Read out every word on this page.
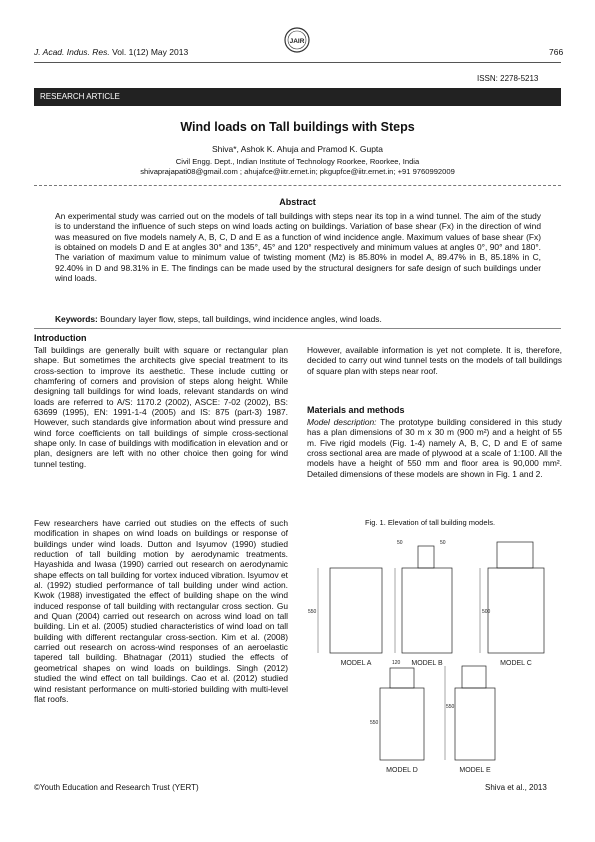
J. Acad. Indus. Res. Vol. 1(12) May 2013
JAIR
766
ISSN: 2278-5213
RESEARCH ARTICLE
Wind loads on Tall buildings with Steps
Shiva*, Ashok K. Ahuja and Pramod K. Gupta
Civil Engg. Dept., Indian Institute of Technology Roorkee, Roorkee, India
shivaprajapati08@gmail.com ; ahujafce@iitr.ernet.in; pkgupfce@iitr.ernet.in; +91 9760992009
Abstract
An experimental study was carried out on the models of tall buildings with steps near its top in a wind tunnel. The aim of the study is to understand the influence of such steps on wind loads acting on buildings. Variation of base shear (Fx) in the direction of wind was measured on five models namely A, B, C, D and E as a function of wind incidence angle. Maximum values of base shear (Fx) is obtained on models D and E at angles 30° and 135°, 45° and 120° respectively and minimum values at angles 0°, 90° and 180°. The variation of maximum value to minimum value of twisting moment (Mz) is 85.80% in model A, 89.47% in B, 85.18% in C, 92.40% in D and 98.31% in E. The findings can be made used by the structural designers for safe design of such buildings under wind loads.
Keywords: Boundary layer flow, steps, tall buildings, wind incidence angles, wind loads.
Introduction
Tall buildings are generally built with square or rectangular plan shape. But sometimes the architects give special treatment to its cross-section to improve its aesthetic. These include cutting or chamfering of corners and provision of steps along height. While designing tall buildings for wind loads, relevant standards on wind loads are referred to A/S: 1170.2 (2002), ASCE: 7-02 (2002), BS: 63699 (1995), EN: 1991-1-4 (2005) and IS: 875 (part-3) 1987. However, such standards give information about wind pressure and wind force coefficients on tall buildings of simple cross-sectional shape only. In case of buildings with modification in elevation and or plan, designers are left with no other choice then going for wind tunnel testing.
Few researchers have carried out studies on the effects of such modification in shapes on wind loads on buildings or response of buildings under wind loads. Dutton and Isyumov (1990) studied reduction of tall building motion by aerodynamic treatments. Hayashida and Iwasa (1990) carried out research on aerodynamic shape effects on tall building for vortex induced vibration. Isyumov et al. (1992) studied performance of tall building under wind action. Kwok (1988) investigated the effect of building shape on the wind induced response of tall building with rectangular cross section. Gu and Quan (2004) carried out research on across wind load on tall building. Lin et al. (2005) studied characteristics of wind load on tall building with different rectangular cross-section. Kim et al. (2008) carried out research on across-wind responses of an aeroelastic tapered tall building. Bhatnagar (2011) studied the effects of geometrical shapes on wind loads on buildings. Singh (2012) studied the wind effect on tall buildings. Cao et al. (2012) studied wind resistant performance on multi-storied building with multi-level flat roofs.
However, available information is yet not complete. It is, therefore, decided to carry out wind tunnel tests on the models of tall buildings of square plan with steps near roof.
Materials and methods
Model description: The prototype building considered in this study has a plan dimensions of 30 m x 30 m (900 m²) and a height of 55 m. Five rigid models (Fig. 1-4) namely A, B, C, D and E of same cross sectional area are made of plywood at a scale of 1:100. All the models have a height of 550 mm and floor area is 90,000 mm². Detailed dimensions of these models are shown in Fig. 1 and 2.
Fig. 1. Elevation of tall building models.
550
50	50
500
120
550
550
MODEL A	MODEL B	MODEL C
MODEL D	MODEL E
©Youth Education and Research Trust (YERT)	Shiva et al., 2013
